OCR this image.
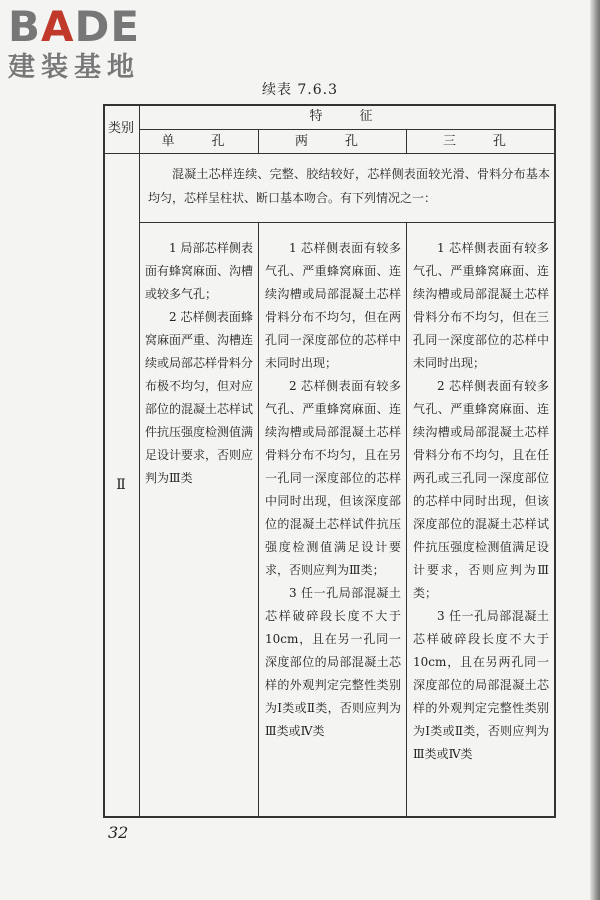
BADE
建装基地
续表 7.6.3
类别
特　征
单　孔	两　孔	三　孔
Ⅱ

混凝土芯样连续、完整、胶结较好，芯样侧表面较光滑、骨料分布基本均匀，芯样呈柱状、断口基本吻合。有下列情况之一：

1 局部芯样侧表面有蜂窝麻面、沟槽或较多气孔；

2 芯样侧表面蜂窝麻面严重、沟槽连续或局部芯样骨料分布极不均匀，但对应部位的混凝土芯样试件抗压强度检测值满足设计要求，否则应判为Ⅲ类

1 芯样侧表面有较多气孔、严重蜂窝麻面、连续沟槽或局部混凝土芯样骨料分布不均匀，但在两孔同一深度部位的芯样中未同时出现；

2 芯样侧表面有较多气孔、严重蜂窝麻面、连续沟槽或局部混凝土芯样骨料分布不均匀，且在另一孔同一深度部位的芯样中同时出现，但该深度部位的混凝土芯样试件抗压强度检测值满足设计要求，否则应判为Ⅲ类；

3 任一孔局部混凝土芯样破碎段长度不大于10cm，且在另一孔同一深度部位的局部混凝土芯样的外观判定完整性类别为Ⅰ类或Ⅱ类，否则应判为Ⅲ类或Ⅳ类

1 芯样侧表面有较多气孔、严重蜂窝麻面、连续沟槽或局部混凝土芯样骨料分布不均匀，但在三孔同一深度部位的芯样中未同时出现；

2 芯样侧表面有较多气孔、严重蜂窝麻面、连续沟槽或局部混凝土芯样骨料分布不均匀，且在任两孔或三孔同一深度部位的芯样中同时出现，但该深度部位的混凝土芯样试件抗压强度检测值满足设计要求，否则应判为Ⅲ类；

3 任一孔局部混凝土芯样破碎段长度不大于10cm，且在另两孔同一深度部位的局部混凝土芯样的外观判定完整性类别为Ⅰ类或Ⅱ类，否则应判为Ⅲ类或Ⅳ类

32
